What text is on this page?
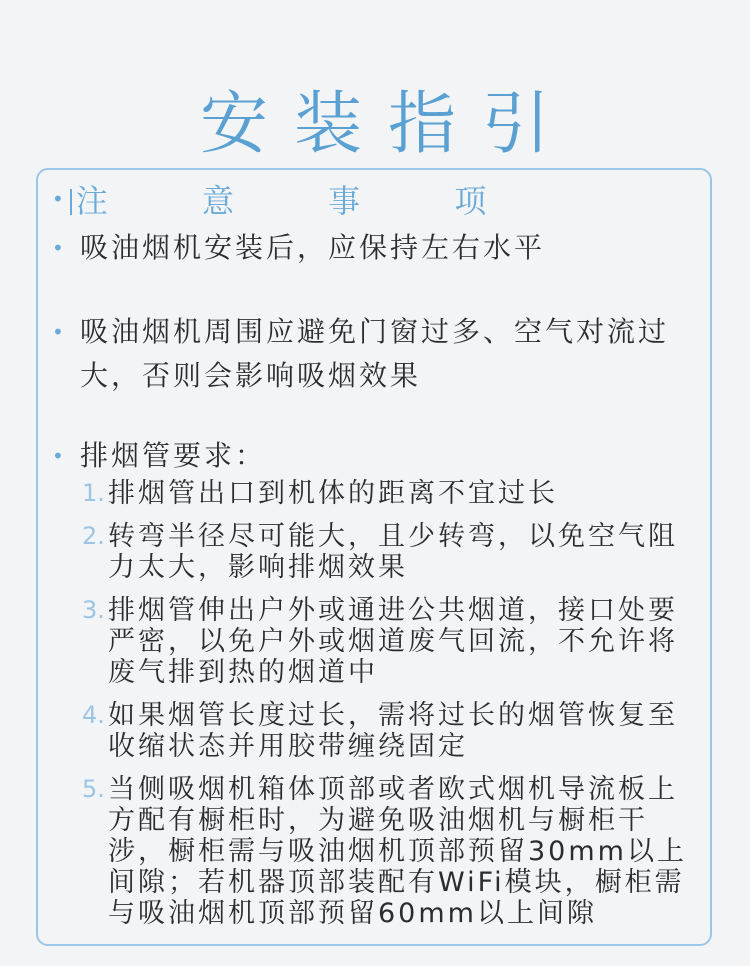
安装指引
• 注 意 事 项
• 吸油烟机安装后，应保持左右水平
• 吸油烟机周围应避免门窗过多、空气对流过大，否则会影响吸烟效果
• 排烟管要求：
1. 排烟管出口到机体的距离不宜过长
2. 转弯半径尽可能大，且少转弯，以免空气阻力太大，影响排烟效果
3. 排烟管伸出户外或通进公共烟道，接口处要严密，以免户外或烟道废气回流，不允许将废气排到热的烟道中
4. 如果烟管长度过长，需将过长的烟管恢复至收缩状态并用胶带缠绕固定
5. 当侧吸烟机箱体顶部或者欧式烟机导流板上方配有橱柜时，为避免吸油烟机与橱柜干涉，橱柜需与吸油烟机顶部预留30mm以上间隙；若机器顶部装配有WiFi模块，橱柜需与吸油烟机顶部预留60mm以上间隙
